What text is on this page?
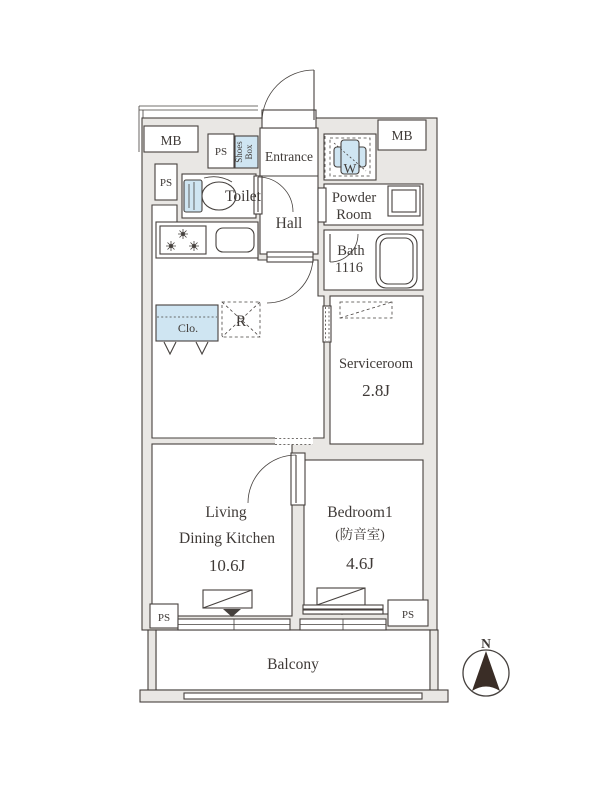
MB	MB
PS
PS
PS	PS
Shoes Box Entrance
W
Toilet
Hall
Powder
Room
Bath
1116
Clo. R
Serviceroom
2.8J
Living
Dining Kitchen
10.6J
Bedroom1
(防音室)
4.6J
Balcony
N
